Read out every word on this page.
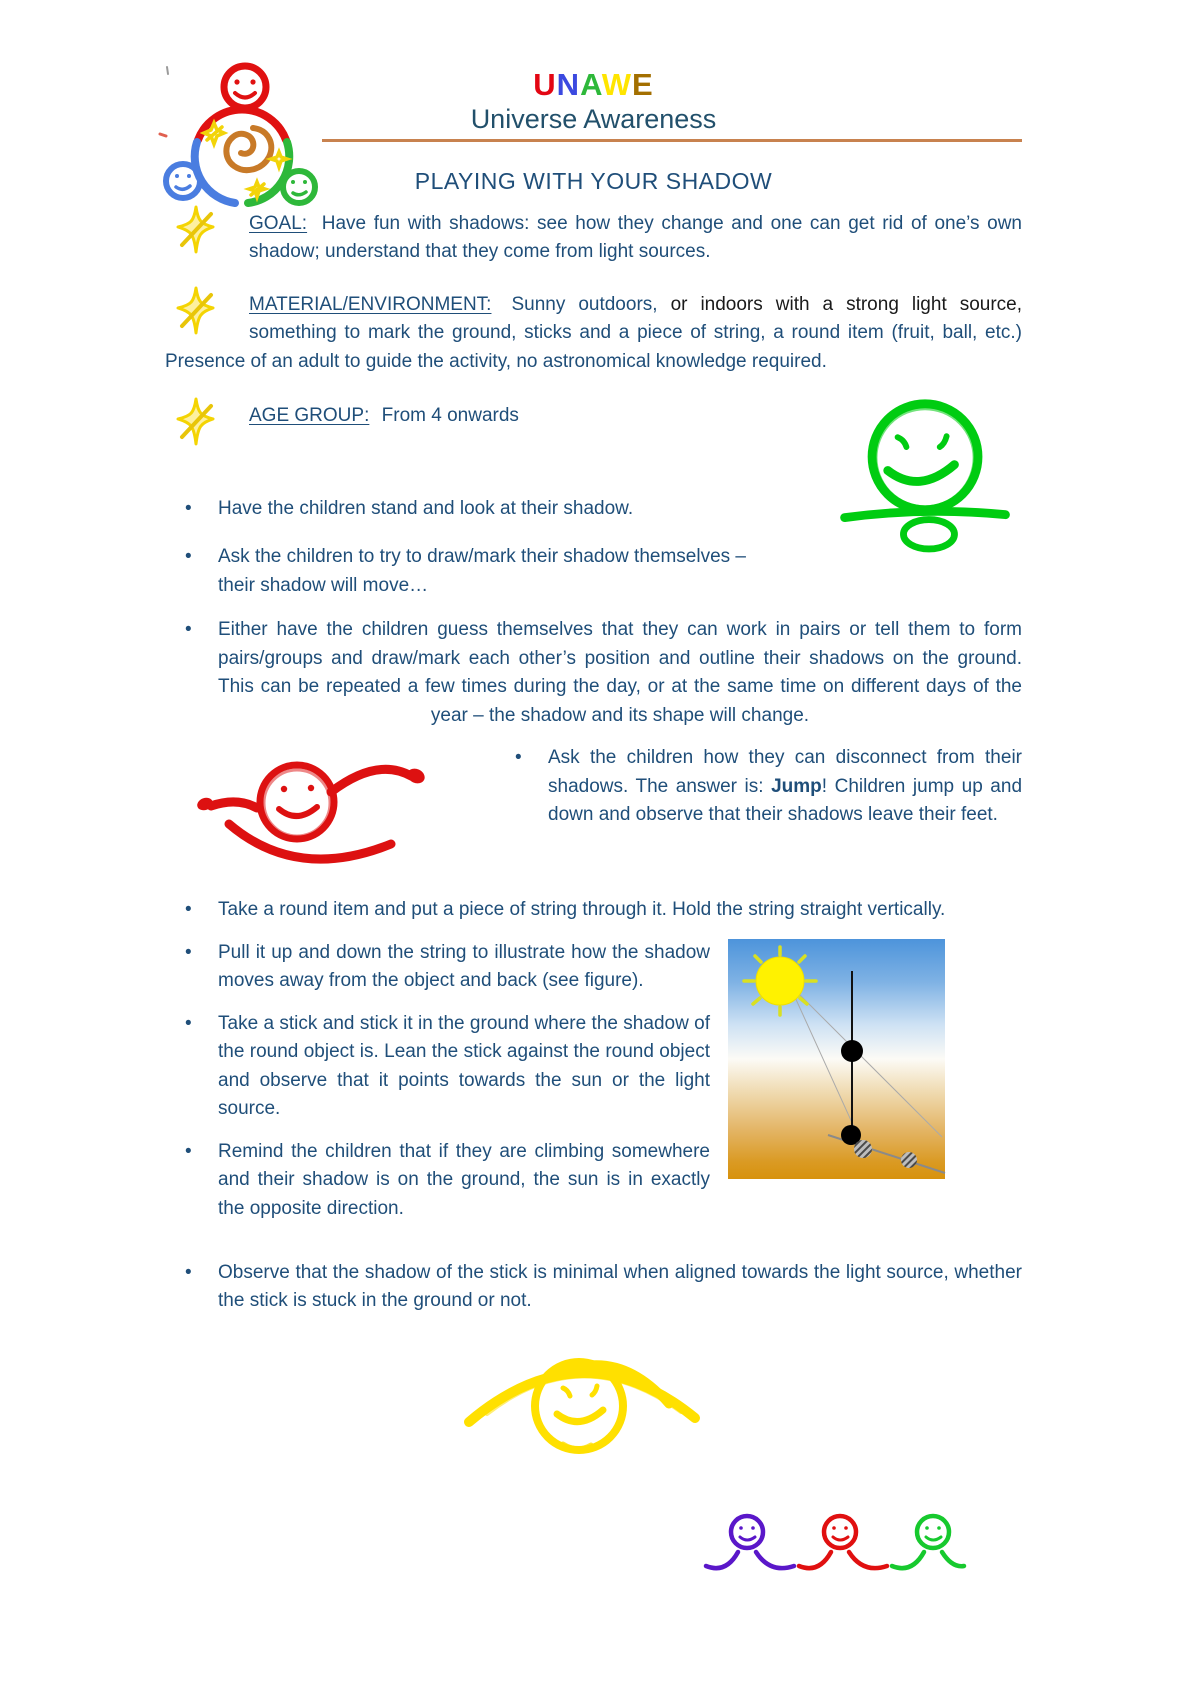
UNAWE
Universe Awareness
PLAYING WITH YOUR SHADOW

GOAL: Have fun with shadows: see how they change and one can get rid of one’s own shadow; understand that they come from light sources.

MATERIAL/ENVIRONMENT: Sunny outdoors, or indoors with a strong light source, something to mark the ground, sticks and a piece of string, a round item (fruit, ball, etc.) Presence of an adult to guide the activity, no astronomical knowledge required.

AGE GROUP: From 4 onwards

•	Have the children stand and look at their shadow.
•	Ask the children to try to draw/mark their shadow themselves –
their shadow will move…
•	Either have the children guess themselves that they can work in pairs or tell them to form pairs/groups and draw/mark each other’s position and outline their shadows on the ground. This can be repeated a few times during the day, or at the same time on different days of the year – the shadow and its shape will change.
•	Ask the children how they can disconnect from their shadows. The answer is: Jump! Children jump up and down and observe that their shadows leave their feet.
•	Take a round item and put a piece of string through it. Hold the string straight vertically.
•	Pull it up and down the string to illustrate how the shadow moves away from the object and back (see figure).
•	Take a stick and stick it in the ground where the shadow of the round object is. Lean the stick against the round object and observe that it points towards the sun or the light source.
•	Remind the children that if they are climbing somewhere and their shadow is on the ground, the sun is in exactly the opposite direction.
•	Observe that the shadow of the stick is minimal when aligned towards the light source, whether the stick is stuck in the ground or not.
